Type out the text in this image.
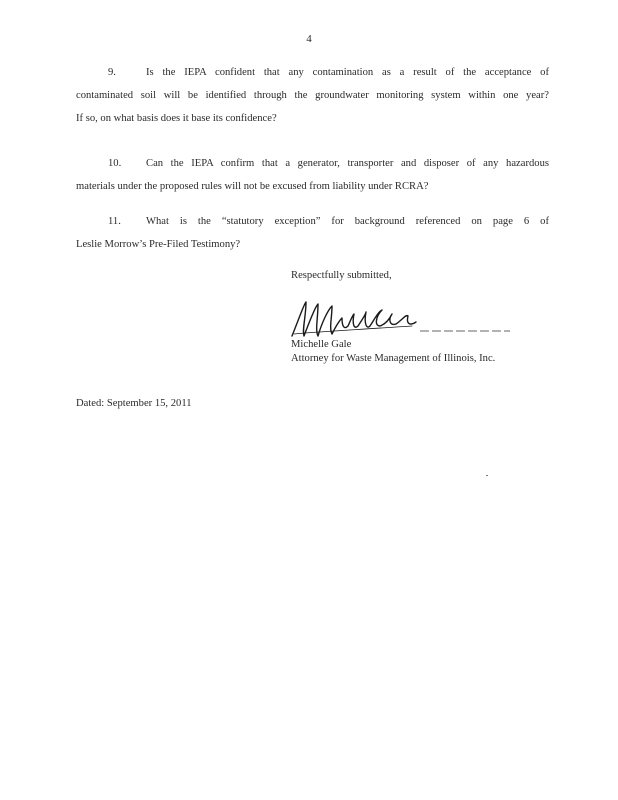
4
9.	Is the IEPA confident that any contamination as a result of the acceptance of
contaminated soil will be identified through the groundwater monitoring system within one year?
If so, on what basis does it base its confidence?
10. Can the IEPA confirm that a generator, transporter and disposer of any hazardous
materials under the proposed rules will not be excused from liability under RCRA?
11. What is the “statutory exception” for background referenced on page 6 of
Leslie Morrow’s Pre-Filed Testimony?
Respectfully submitted,
Michelle Gale
Attorney for Waste Management of Illinois, Inc.
Dated: September 15, 2011
